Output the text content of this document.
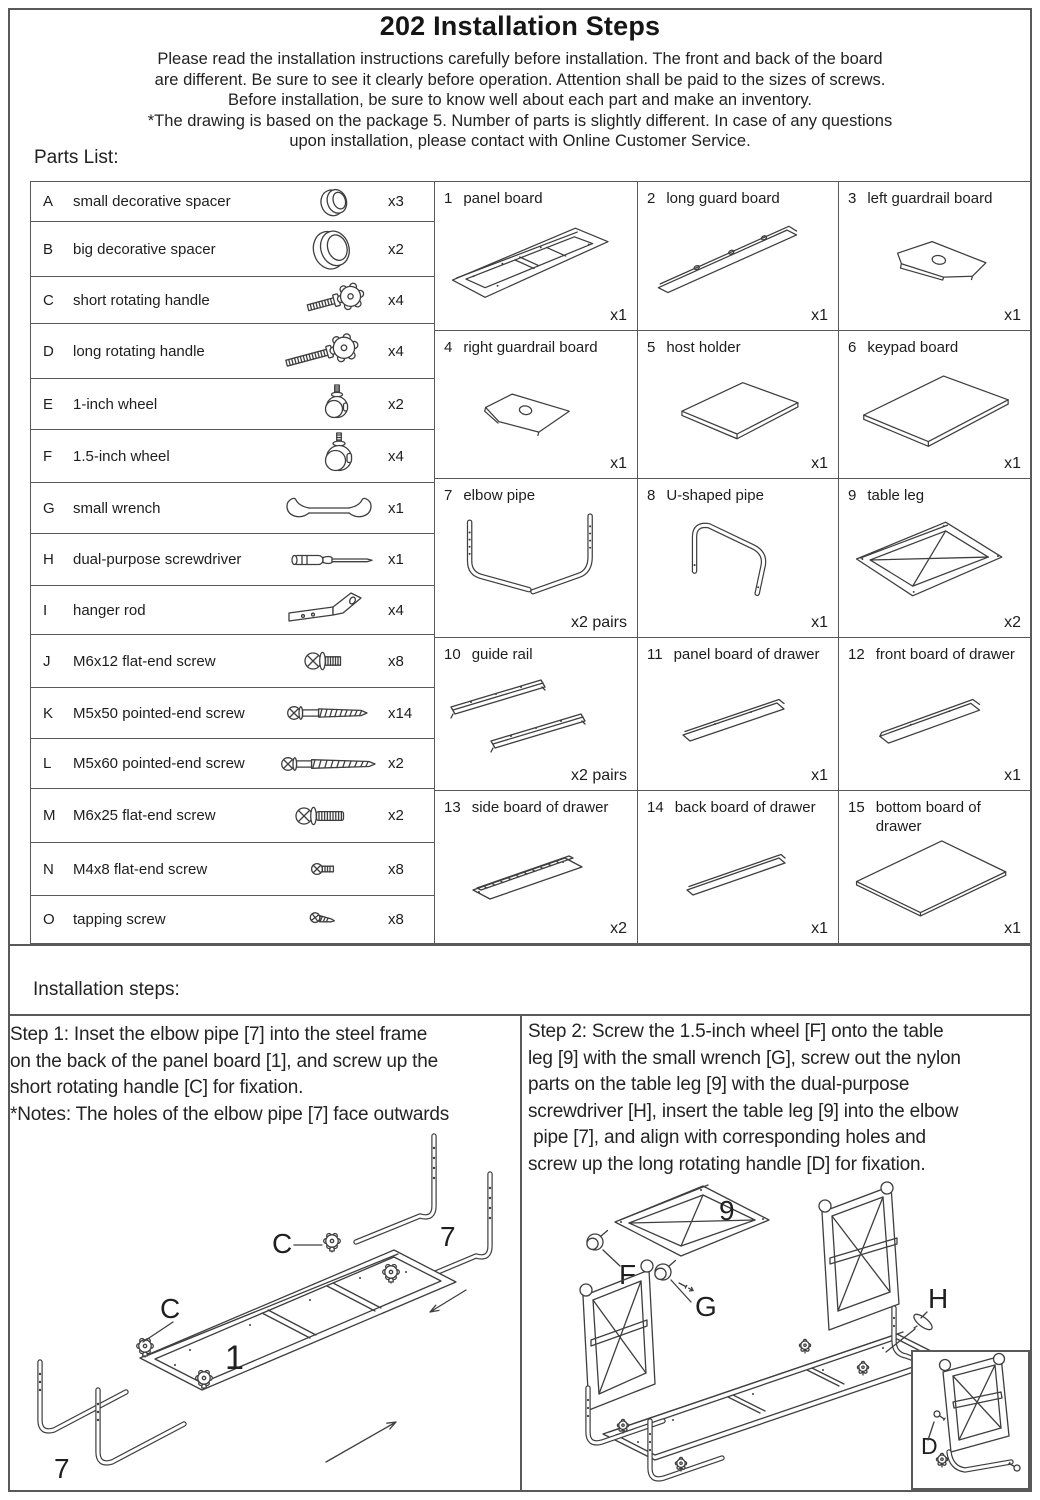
202 Installation Steps
Please read the installation instructions carefully before installation. The front and back of the board
are different. Be sure to see it clearly before operation. Attention shall be paid to the sizes of screws.
Before installation, be sure to know well about each part and make an inventory.
*The drawing is based on the package 5. Number of parts is slightly different. In case of any questions
upon installation, please contact with Online Customer Service.
Parts List:
A	small decorative spacer	x3
B	big decorative spacer	x2
C	short rotating handle	x4
D	long rotating handle	x4
E	1-inch wheel	x2
F	1.5-inch wheel	x4
G	small wrench	x1
H	dual-purpose screwdriver	x1
I	hanger rod	x4
J	M6x12 flat-end screw	x8
K	M5x50 pointed-end screw	x14
L	M5x60 pointed-end screw	x2
M	M6x25 flat-end screw	x2
N	M4x8 flat-end screw	x8
O	tapping screw	x8
1 panel board
x1
2 long guard board
x1
3 left guardrail board
x1
4 right guardrail board
x1
5 host holder
x1
6 keypad board
x1
7 elbow pipe
x2 pairs
8 U-shaped pipe
x1
9 table leg
x2
10 guide rail
x2 pairs
11 panel board of drawer
x1
12 front board of drawer
x1
13 side board of drawer
x2
14 back board of drawer
x1
15 bottom board of drawer
x1
Installation steps:
Step 1: Inset the elbow pipe [7] into the steel frame
on the back of the panel board [1], and screw up the
short rotating handle [C] for fixation.
*Notes: The holes of the elbow pipe [7] face outwards
7
C
C
1
7
Step 2: Screw the 1.5-inch wheel [F] onto the table
leg [9] with the small wrench [G], screw out the nylon
parts on the table leg [9] with the dual-purpose
screwdriver [H], insert the table leg [9] into the elbow
pipe [7], and align with corresponding holes and
screw up the long rotating handle [D] for fixation.
9
F
G	H
D
